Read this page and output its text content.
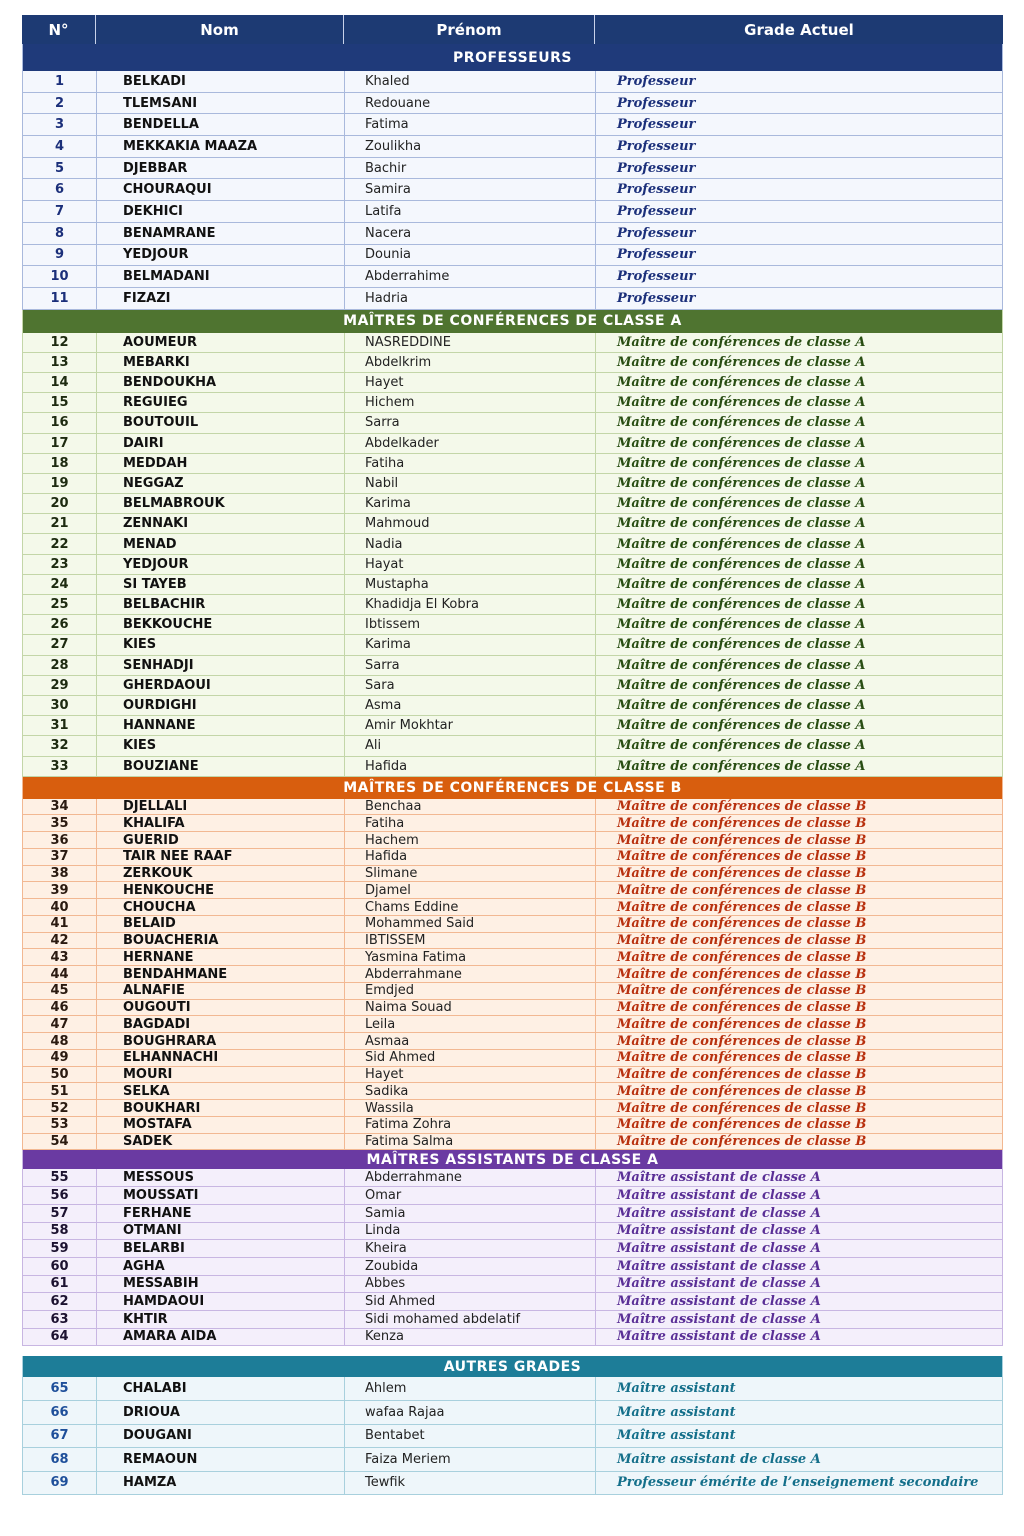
N°	Nom	Prénom	Grade Actuel
PROFESSEURS
1	BELKADI	Khaled	Professeur
2	TLEMSANI	Redouane	Professeur
3	BENDELLA	Fatima	Professeur
4	MEKKAKIA MAAZA	Zoulikha	Professeur
5	DJEBBAR	Bachir	Professeur
6	CHOURAQUI	Samira	Professeur
7	DEKHICI	Latifa	Professeur
8	BENAMRANE	Nacera	Professeur
9	YEDJOUR	Dounia	Professeur
10	BELMADANI	Abderrahime	Professeur
11	FIZAZI	Hadria	Professeur
MAÎTRES DE CONFÉRENCES DE CLASSE A
12	AOUMEUR	NASREDDINE	Maître de conférences de classe A
13	MEBARKI	Abdelkrim	Maître de conférences de classe A
14	BENDOUKHA	Hayet	Maître de conférences de classe A
15	REGUIEG	Hichem	Maître de conférences de classe A
16	BOUTOUIL	Sarra	Maître de conférences de classe A
17	DAIRI	Abdelkader	Maître de conférences de classe A
18	MEDDAH	Fatiha	Maître de conférences de classe A
19	NEGGAZ	Nabil	Maître de conférences de classe A
20	BELMABROUK	Karima	Maître de conférences de classe A
21	ZENNAKI	Mahmoud	Maître de conférences de classe A
22	MENAD	Nadia	Maître de conférences de classe A
23	YEDJOUR	Hayat	Maître de conférences de classe A
24	SI TAYEB	Mustapha	Maître de conférences de classe A
25	BELBACHIR	Khadidja El Kobra	Maître de conférences de classe A
26	BEKKOUCHE	Ibtissem	Maître de conférences de classe A
27	KIES	Karima	Maître de conférences de classe A
28	SENHADJI	Sarra	Maître de conférences de classe A
29	GHERDAOUI	Sara	Maître de conférences de classe A
30	OURDIGHI	Asma	Maître de conférences de classe A
31	HANNANE	Amir Mokhtar	Maître de conférences de classe A
32	KIES	Ali	Maître de conférences de classe A
33	BOUZIANE	Hafida	Maître de conférences de classe A
MAÎTRES DE CONFÉRENCES DE CLASSE B
34	DJELLALI	Benchaa	Maître de conférences de classe B
35	KHALIFA	Fatiha	Maître de conférences de classe B
36	GUERID	Hachem	Maître de conférences de classe B
37	TAIR NEE RAAF	Hafida	Maître de conférences de classe B
38	ZERKOUK	Slimane	Maître de conférences de classe B
39	HENKOUCHE	Djamel	Maître de conférences de classe B
40	CHOUCHA	Chams Eddine	Maître de conférences de classe B
41	BELAID	Mohammed Said	Maître de conférences de classe B
42	BOUACHERIA	IBTISSEM	Maître de conférences de classe B
43	HERNANE	Yasmina Fatima	Maître de conférences de classe B
44	BENDAHMANE	Abderrahmane	Maître de conférences de classe B
45	ALNAFIE	Emdjed	Maître de conférences de classe B
46	OUGOUTI	Naima Souad	Maître de conférences de classe B
47	BAGDADI	Leila	Maître de conférences de classe B
48	BOUGHRARA	Asmaa	Maître de conférences de classe B
49	ELHANNACHI	Sid Ahmed	Maître de conférences de classe B
50	MOURI	Hayet	Maître de conférences de classe B
51	SELKA	Sadika	Maître de conférences de classe B
52	BOUKHARI	Wassila	Maître de conférences de classe B
53	MOSTAFA	Fatima Zohra	Maître de conférences de classe B
54	SADEK	Fatima Salma	Maître de conférences de classe B
MAÎTRES ASSISTANTS DE CLASSE A
55	MESSOUS	Abderrahmane	Maître assistant de classe A
56	MOUSSATI	Omar	Maître assistant de classe A
57	FERHANE	Samia	Maître assistant de classe A
58	OTMANI	Linda	Maître assistant de classe A
59	BELARBI	Kheira	Maître assistant de classe A
60	AGHA	Zoubida	Maître assistant de classe A
61	MESSABIH	Abbes	Maître assistant de classe A
62	HAMDAOUI	Sid Ahmed	Maître assistant de classe A
63	KHTIR	Sidi mohamed abdelatif	Maître assistant de classe A
64	AMARA AIDA	Kenza	Maître assistant de classe A
AUTRES GRADES
65	CHALABI	Ahlem	Maître assistant
66	DRIOUA	wafaa Rajaa	Maître assistant
67	DOUGANI	Bentabet	Maître assistant
68	REMAOUN	Faiza Meriem	Maître assistant de classe A
69	HAMZA	Tewfik	Professeur émérite de l’enseignement secondaire
